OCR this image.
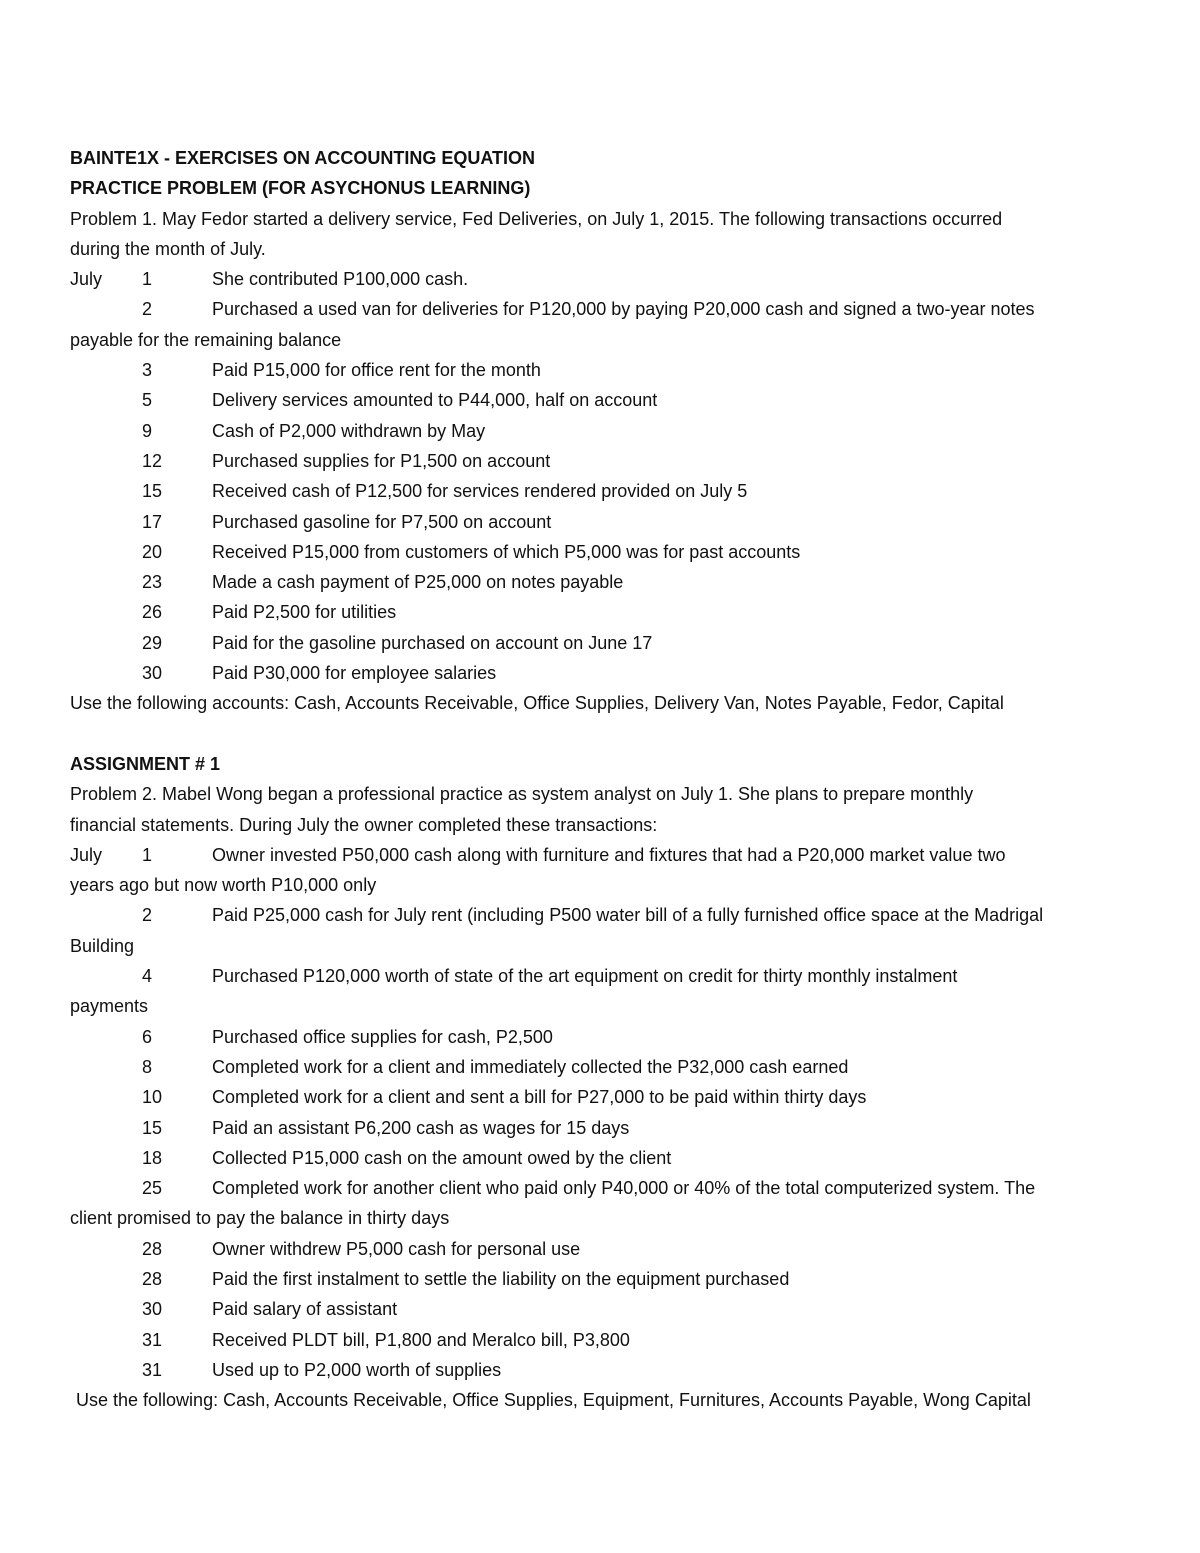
BAINTE1X - EXERCISES ON ACCOUNTING EQUATION
PRACTICE PROBLEM (FOR ASYCHONUS LEARNING)
Problem 1. May Fedor started a delivery service, Fed Deliveries, on July 1, 2015. The following transactions occurred
during the month of July.
July	1	She contributed P100,000 cash.
2	Purchased a used van for deliveries for P120,000 by paying P20,000 cash and signed a two-year notes
payable for the remaining balance
3	Paid P15,000 for office rent for the month
5	Delivery services amounted to P44,000, half on account
9	Cash of P2,000 withdrawn by May
12	Purchased supplies for P1,500 on account
15	Received cash of P12,500 for services rendered provided on July 5
17	Purchased gasoline for P7,500 on account
20	Received P15,000 from customers of which P5,000 was for past accounts
23	Made a cash payment of P25,000 on notes payable
26	Paid P2,500 for utilities
29	Paid for the gasoline purchased on account on June 17
30	Paid P30,000 for employee salaries
Use the following accounts: Cash, Accounts Receivable, Office Supplies, Delivery Van, Notes Payable, Fedor, Capital
ASSIGNMENT # 1
Problem 2. Mabel Wong began a professional practice as system analyst on July 1. She plans to prepare monthly
financial statements. During July the owner completed these transactions:
July	1	Owner invested P50,000 cash along with furniture and fixtures that had a P20,000 market value two
years ago but now worth P10,000 only
2	Paid P25,000 cash for July rent (including P500 water bill of a fully furnished office space at the Madrigal
Building
4	Purchased P120,000 worth of state of the art equipment on credit for thirty monthly instalment
payments
6	Purchased office supplies for cash, P2,500
8	Completed work for a client and immediately collected the P32,000 cash earned
10	Completed work for a client and sent a bill for P27,000 to be paid within thirty days
15	Paid an assistant P6,200 cash as wages for 15 days
18	Collected P15,000 cash on the amount owed by the client
25	Completed work for another client who paid only P40,000 or 40% of the total computerized system. The
client promised to pay the balance in thirty days
28	Owner withdrew P5,000 cash for personal use
28	Paid the first instalment to settle the liability on the equipment purchased
30	Paid salary of assistant
31	Received PLDT bill, P1,800 and Meralco bill, P3,800
31	Used up to P2,000 worth of supplies
Use the following: Cash, Accounts Receivable, Office Supplies, Equipment, Furnitures, Accounts Payable, Wong Capital
